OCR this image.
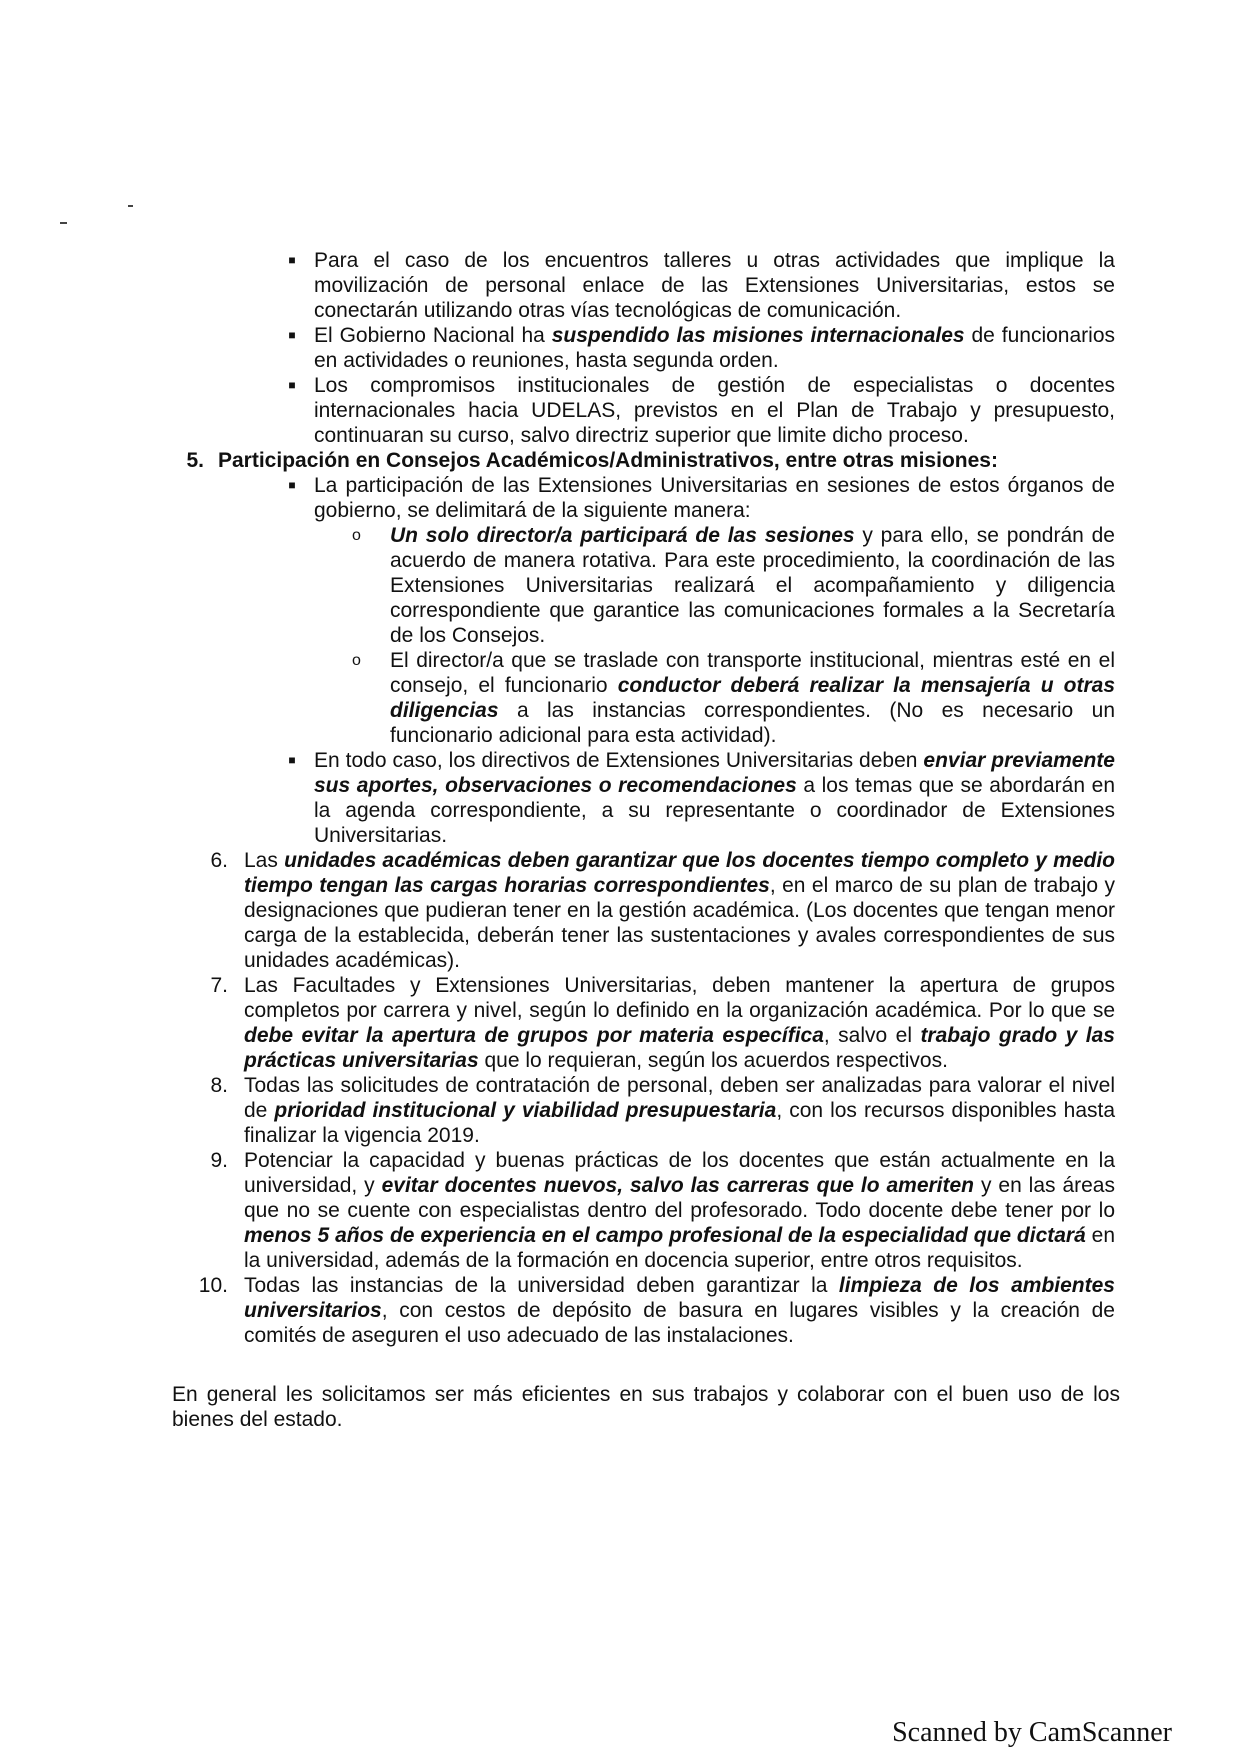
■ Para el caso de los encuentros talleres u otras actividades que implique la movilización de personal enlace de las Extensiones Universitarias, estos se conectarán utilizando otras vías tecnológicas de comunicación.

■ El Gobierno Nacional ha suspendido las misiones internacionales de funcionarios en actividades o reuniones, hasta segunda orden.

■ Los compromisos institucionales de gestión de especialistas o docentes internacionales hacia UDELAS, previstos en el Plan de Trabajo y presupuesto, continuaran su curso, salvo directriz superior que limite dicho proceso.

5. Participación en Consejos Académicos/Administrativos, entre otras misiones:
■ La participación de las Extensiones Universitarias en sesiones de estos órganos de gobierno, se delimitará de la siguiente manera:

o Un solo director/a participará de las sesiones y para ello, se pondrán de acuerdo de manera rotativa. Para este procedimiento, la coordinación de las Extensiones Universitarias realizará el acompañamiento y diligencia correspondiente que garantice las comunicaciones formales a la Secretaría de los Consejos.

o El director/a que se traslade con transporte institucional, mientras esté en el consejo, el funcionario conductor deberá realizar la mensajería u otras diligencias a las instancias correspondientes. (No es necesario un funcionario adicional para esta actividad).

■ En todo caso, los directivos de Extensiones Universitarias deben enviar previamente sus aportes, observaciones o recomendaciones a los temas que se abordarán en la agenda correspondiente, a su representante o coordinador de Extensiones Universitarias.

6. Las unidades académicas deben garantizar que los docentes tiempo completo y medio tiempo tengan las cargas horarias correspondientes, en el marco de su plan de trabajo y designaciones que pudieran tener en la gestión académica. (Los docentes que tengan menor carga de la establecida, deberán tener las sustentaciones y avales correspondientes de sus unidades académicas).

7. Las Facultades y Extensiones Universitarias, deben mantener la apertura de grupos completos por carrera y nivel, según lo definido en la organización académica. Por lo que se debe evitar la apertura de grupos por materia específica, salvo el trabajo grado y las prácticas universitarias que lo requieran, según los acuerdos respectivos.

8. Todas las solicitudes de contratación de personal, deben ser analizadas para valorar el nivel de prioridad institucional y viabilidad presupuestaria, con los recursos disponibles hasta finalizar la vigencia 2019.

9. Potenciar la capacidad y buenas prácticas de los docentes que están actualmente en la universidad, y evitar docentes nuevos, salvo las carreras que lo ameriten y en las áreas que no se cuente con especialistas dentro del profesorado. Todo docente debe tener por lo menos 5 años de experiencia en el campo profesional de la especialidad que dictará en la universidad, además de la formación en docencia superior, entre otros requisitos.

10. Todas las instancias de la universidad deben garantizar la limpieza de los ambientes universitarios, con cestos de depósito de basura en lugares visibles y la creación de comités de aseguren el uso adecuado de las instalaciones.

En general les solicitamos ser más eficientes en sus trabajos y colaborar con el buen uso de los bienes del estado.

Scanned by CamScanner
